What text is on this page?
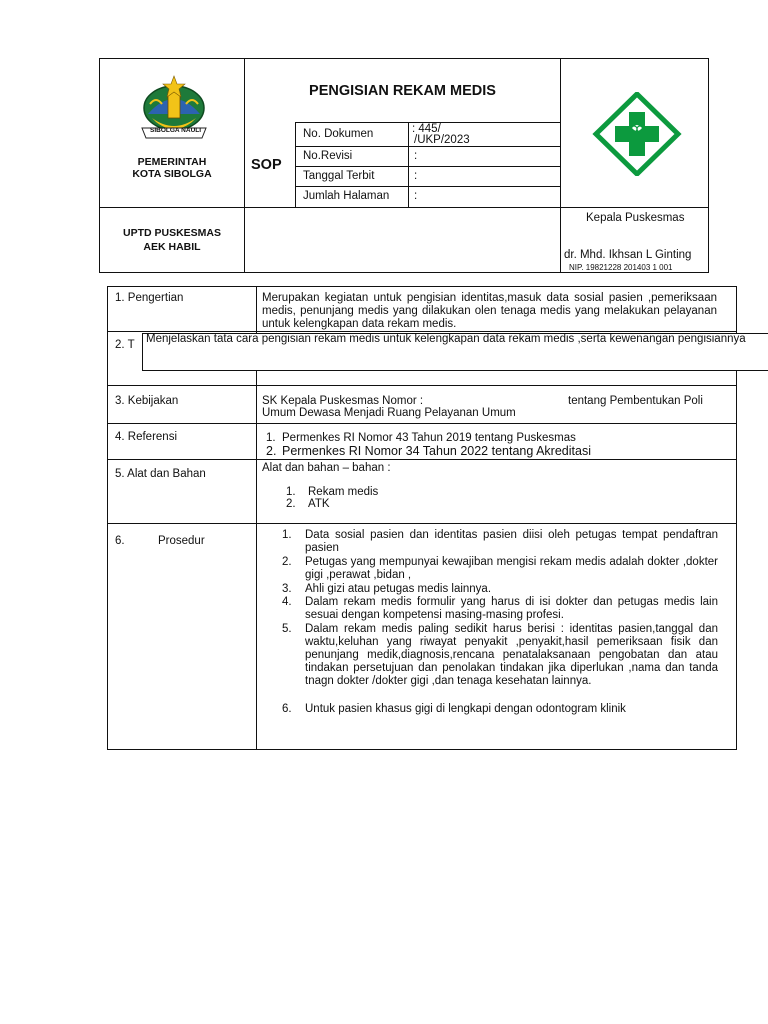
SIBOLGA NAULI
PEMERINTAH
KOTA SIBOLGA
PENGISIAN REKAM MEDIS
SOP
No. Dokumen	: 445/
/UKP/2023
No.Revisi	:
Tanggal Terbit	:
Jumlah Halaman :
UPTD PUSKESMAS
AEK HABIL
Kepala Puskesmas
dr. Mhd. Ikhsan L Ginting
NIP. 19821228 201403 1 001
1. Pengertian	Merupakan kegiatan untuk pengisian identitas,masuk data sosial pasien ,pemeriksaan medis, penunjang medis yang dilakukan olen tenaga medis yang melakukan pelayanan untuk kelengkapan data rekam medis.
2. T Menjelaskan tata cara pengisian rekam medis untuk kelengkapan data rekam medis ,serta kewenangan pengisiannya
3. Kebijakan	SK Kepala Puskesmas Nomor :	tentang Pembentukan Poli
Umum Dewasa Menjadi Ruang Pelayanan Umum
4. Referensi	1. Permenkes RI Nomor 43 Tahun 2019 tentang Puskesmas
2. Permenkes RI Nomor 34 Tahun 2022 tentang Akreditasi
5. Alat dan Bahan	Alat dan bahan – bahan :
1. Rekam medis
2. ATK
6.	Prosedur	1. Data sosial pasien dan identitas pasien diisi oleh petugas tempat pendaftran pasien
2. Petugas yang mempunyai kewajiban mengisi rekam medis adalah dokter ,dokter gigi ,perawat ,bidan ,
3. Ahli gizi atau petugas medis lainnya.
4. Dalam rekam medis formulir yang harus di isi dokter dan petugas medis lain sesuai dengan kompetensi masing-masing profesi.
5. Dalam rekam medis paling sedikit harus berisi : identitas pasien,tanggal dan waktu,keluhan yang riwayat penyakit ,penyakit,hasil pemeriksaan fisik dan penunjang medik,diagnosis,rencana penatalaksanaan pengobatan dan atau tindakan persetujuan dan penolakan tindakan jika diperlukan ,nama dan tanda tnagn dokter /dokter gigi ,dan tenaga kesehatan lainnya.
6. Untuk pasien khasus gigi di lengkapi dengan odontogram klinik
